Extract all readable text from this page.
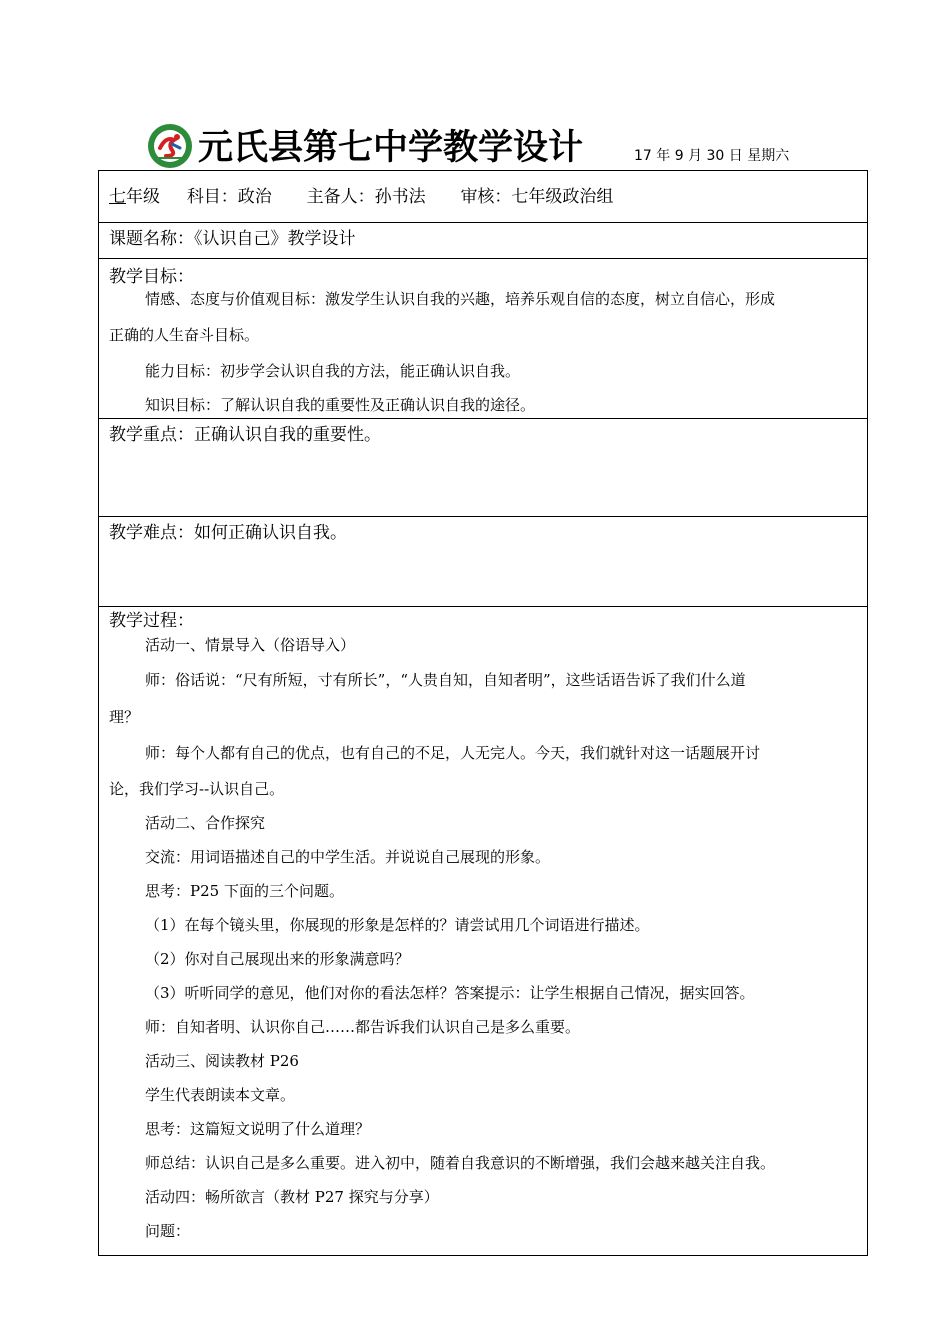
元氏县第七中学教学设计	17 年 9 月 30 日 星期六
七年级 科目：政治 主备人：孙书法 审核：七年级政治组
课题名称：《认识自己》教学设计
教学目标：
情感、态度与价值观目标：激发学生认识自我的兴趣，培养乐观自信的态度，树立自信心，形成
正确的人生奋斗目标。
能力目标：初步学会认识自我的方法，能正确认识自我。
知识目标：了解认识自我的重要性及正确认识自我的途径。
教学重点：正确认识自我的重要性。
教学难点：如何正确认识自我。
教学过程：
活动一、情景导入（俗语导入）
师：俗话说：“尺有所短，寸有所长”，“人贵自知，自知者明”，这些话语告诉了我们什么道
理？
师：每个人都有自己的优点，也有自己的不足，人无完人。今天，我们就针对这一话题展开讨
论，我们学习--认识自己。
活动二、合作探究
交流：用词语描述自己的中学生活。并说说自己展现的形象。
思考：P25 下面的三个问题。
（1）在每个镜头里，你展现的形象是怎样的？请尝试用几个词语进行描述。
（2）你对自己展现出来的形象满意吗？
（3）听听同学的意见，他们对你的看法怎样？答案提示：让学生根据自己情况，据实回答。
师：自知者明、认识你自己……都告诉我们认识自己是多么重要。
活动三、阅读教材 P26
学生代表朗读本文章。
思考：这篇短文说明了什么道理？
师总结：认识自己是多么重要。进入初中，随着自我意识的不断增强，我们会越来越关注自我。
活动四：畅所欲言（教材 P27 探究与分享）
问题：
